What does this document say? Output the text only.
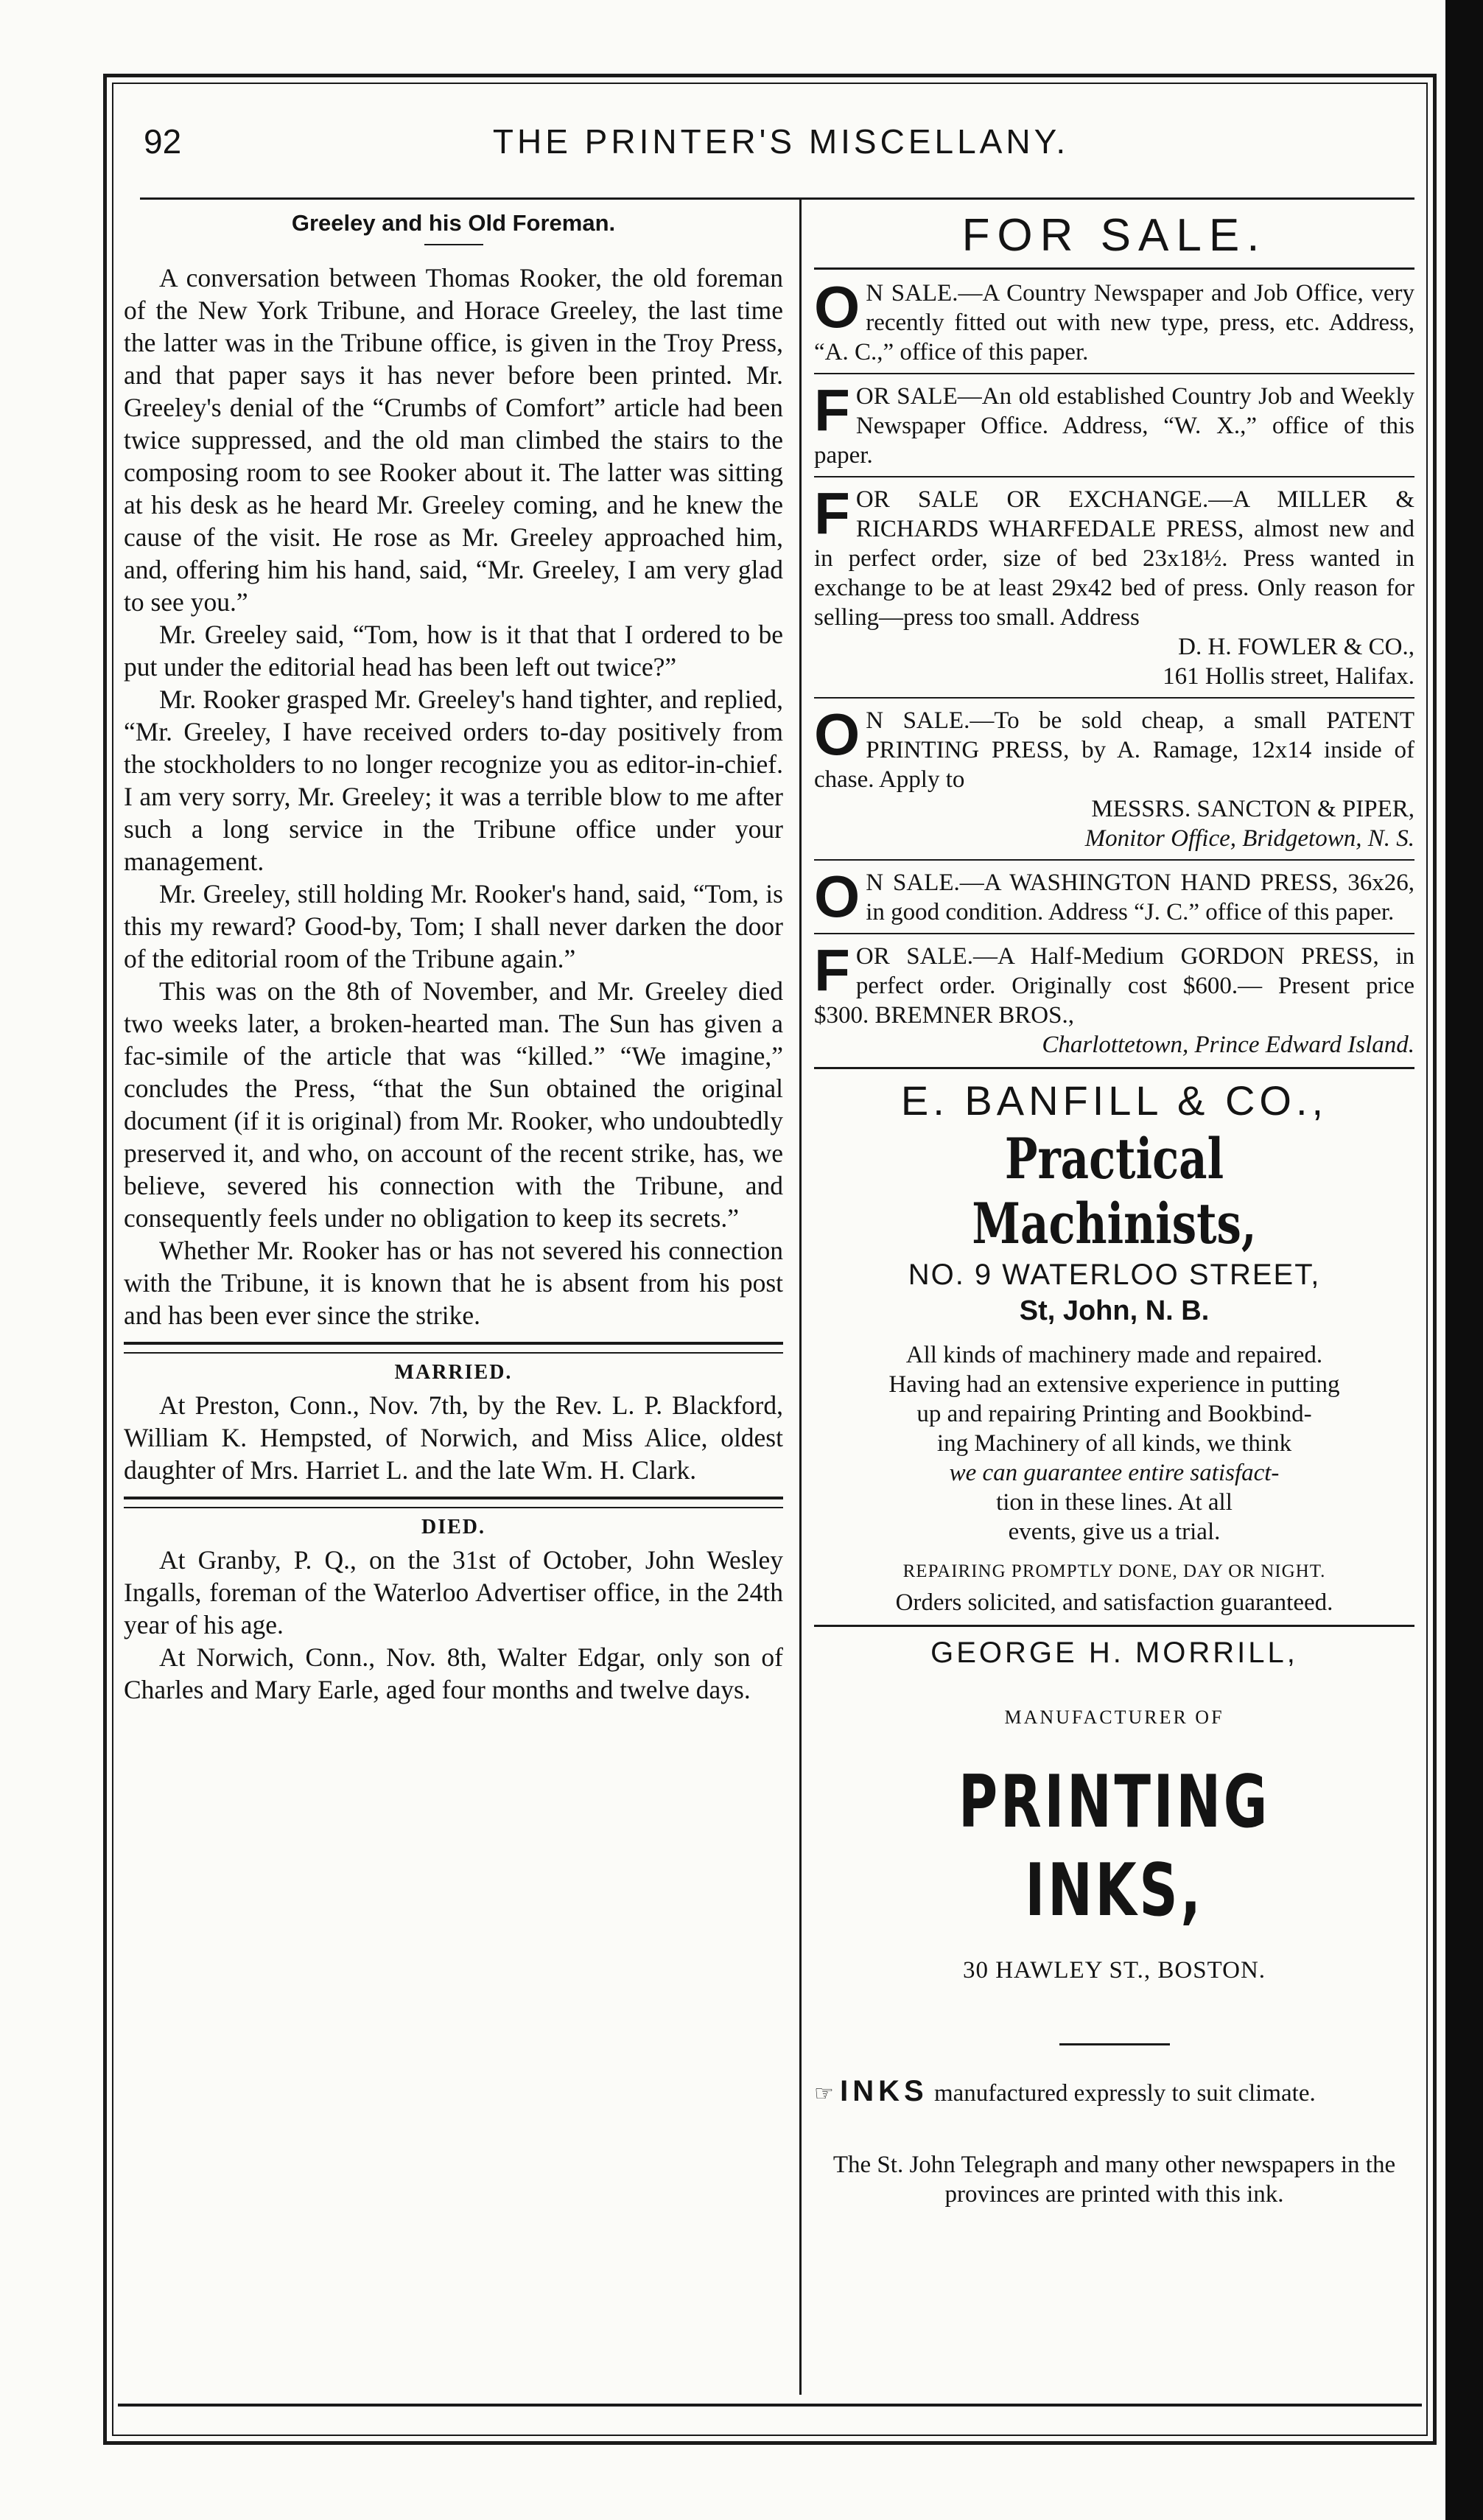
92	THE PRINTER'S MISCELLANY.
Greeley and his Old Foreman.

A conversation between Thomas Rooker, the old foreman of the New York Tribune, and Horace Greeley, the last time the latter was in the Tribune office, is given in the Troy Press, and that paper says it has never before been printed. Mr. Greeley's denial of the “Crumbs of Comfort” article had been twice suppressed, and the old man climbed the stairs to the composing room to see Rooker about it. The latter was sitting at his desk as he heard Mr. Greeley coming, and he knew the cause of the visit. He rose as Mr. Greeley approached him, and, offering him his hand, said, “Mr. Greeley, I am very glad to see you.”

Mr. Greeley said, “Tom, how is it that that I ordered to be put under the editorial head has been left out twice?”

Mr. Rooker grasped Mr. Greeley's hand tighter, and replied, “Mr. Greeley, I have received orders to-day positively from the stockholders to no longer recognize you as editor-in-chief. I am very sorry, Mr. Greeley; it was a terrible blow to me after such a long service in the Tribune office under your management.

Mr. Greeley, still holding Mr. Rooker's hand, said, “Tom, is this my reward? Good-by, Tom; I shall never darken the door of the editorial room of the Tribune again.”

This was on the 8th of November, and Mr. Greeley died two weeks later, a broken-hearted man. The Sun has given a fac-simile of the article that was “killed.” “We imagine,” concludes the Press, “that the Sun obtained the original document (if it is original) from Mr. Rooker, who undoubtedly preserved it, and who, on account of the recent strike, has, we believe, severed his connection with the Tribune, and consequently feels under no obligation to keep its secrets.”

Whether Mr. Rooker has or has not severed his connection with the Tribune, it is known that he is absent from his post and has been ever since the strike.

MARRIED.

At Preston, Conn., Nov. 7th, by the Rev. L. P. Blackford, William K. Hempsted, of Norwich, and Miss Alice, oldest daughter of Mrs. Harriet L. and the late Wm. H. Clark.

DIED.

At Granby, P. Q., on the 31st of October, John Wesley Ingalls, foreman of the Waterloo Advertiser office, in the 24th year of his age.

At Norwich, Conn., Nov. 8th, Walter Edgar, only son of Charles and Mary Earle, aged four months and twelve days.

FOR SALE.
O N SALE.—A Country Newspaper and Job Office, very recently fitted out with new type, press, etc. Address, “A. C.,” office of this paper.
F OR SALE—An old established Country Job and Weekly Newspaper Office. Address, “W. X.,” office of this paper.
F OR SALE OR EXCHANGE.—A MILLER & RICHARDS WHARFEDALE PRESS, almost new and in perfect order, size of bed 23x18½. Press wanted in exchange to be at least 29x42 bed of press. Only reason for selling—press too small. Address
D. H. FOWLER & CO.,
161 Hollis street, Halifax.
O N SALE.—To be sold cheap, a small PATENT PRINTING PRESS, by A. Ramage, 12x14 inside of chase. Apply to
MESSRS. SANCTON & PIPER,
Monitor Office, Bridgetown, N. S.
O N SALE.—A WASHINGTON HAND PRESS, 36x26, in good condition. Address “J. C.” office of this paper.
F OR SALE.—A Half-Medium GORDON PRESS, in perfect order. Originally cost $600.— Present price $300. BREMNER BROS.,
Charlottetown, Prince Edward Island.
E. BANFILL & CO.,
Practical Machinists,
NO. 9 WATERLOO STREET,
St, John, N. B.
All kinds of machinery made and repaired.
Having had an extensive experience in putting
up and repairing Printing and Bookbind-
ing Machinery of all kinds, we think
we can guarantee entire satisfact-
tion in these lines. At all
events, give us a trial.
REPAIRING PROMPTLY DONE, DAY OR NIGHT.
Orders solicited, and satisfaction guaranteed.
GEORGE H. MORRILL,
MANUFACTURER OF
PRINTING INKS,
30 HAWLEY ST., BOSTON.
☞ INKS manufactured expressly to suit climate.
The St. John Telegraph and many other newspapers in the provinces are printed with this ink.
